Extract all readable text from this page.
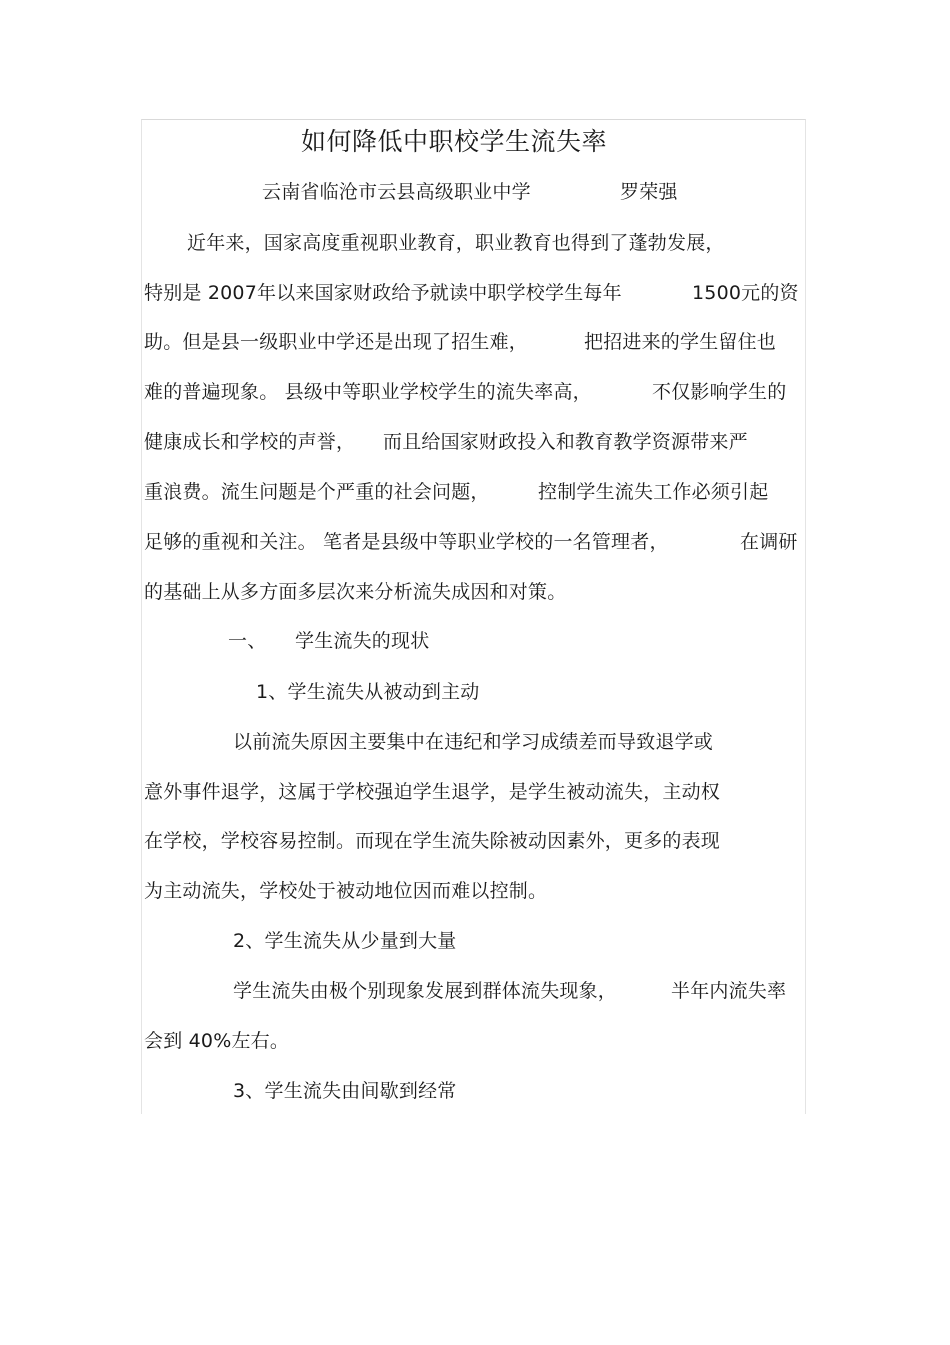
如何降低中职校学生流失率
云南省临沧市云县高级职业中学	罗荣强
近年来，国家高度重视职业教育，职业教育也得到了蓬勃发展，
特别是 2007年以来国家财政给予就读中职学校学生每年	1500元的资
助。但是县一级职业中学还是出现了招生难，	把招进来的学生留住也
难的普遍现象。 县级中等职业学校学生的流失率高，	不仅影响学生的
健康成长和学校的声誉， 而且给国家财政投入和教育教学资源带来严
重浪费。流生问题是个严重的社会问题，	控制学生流失工作必须引起
足够的重视和关注。 笔者是县级中等职业学校的一名管理者，	在调研
的基础上从多方面多层次来分析流失成因和对策。
一、 学生流失的现状
1、学生流失从被动到主动
以前流失原因主要集中在违纪和学习成绩差而导致退学或
意外事件退学，这属于学校强迫学生退学，是学生被动流失，主动权
在学校，学校容易控制。而现在学生流失除被动因素外，更多的表现
为主动流失，学校处于被动地位因而难以控制。
2、学生流失从少量到大量
学生流失由极个别现象发展到群体流失现象，	半年内流失率
会到 40%左右。
3、学生流失由间歇到经常
